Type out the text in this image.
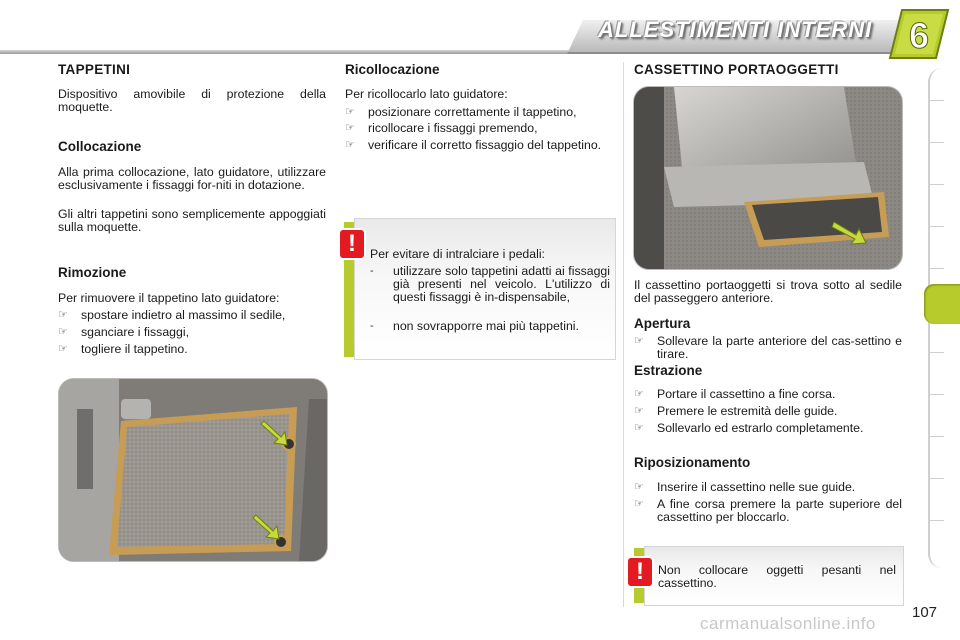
ALLESTIMENTI INTERNI 6
TAPPETINI
Dispositivo amovibile di protezione della moquette.
Collocazione
Alla prima collocazione, lato guidatore, utilizzare esclusivamente i fissaggi for-niti in dotazione.
Gli altri tappetini sono semplicemente appoggiati sulla moquette.
Rimozione
Per rimuovere il tappetino lato guidatore:
☞ spostare indietro al massimo il sedile,
☞ sganciare i fissaggi,
☞ togliere il tappetino.
Ricollocazione
Per ricollocarlo lato guidatore:
☞ posizionare correttamente il tappetino,
☞ ricollocare i fissaggi premendo,
☞ verificare il corretto fissaggio del tappetino.
!	Per evitare di intralciare i pedali:
- utilizzare solo tappetini adatti ai fissaggi già presenti nel veicolo. L'utilizzo di questi fissaggi è in-dispensabile,
- non sovrapporre mai più tappetini.
CASSETTINO PORTAOGGETTI
Il cassettino portaoggetti si trova sotto al sedile del passeggero anteriore.
Apertura
☞ Sollevare la parte anteriore del cas-settino e tirare.
Estrazione
☞ Portare il cassettino a fine corsa.
☞ Premere le estremità delle guide.
☞ Sollevarlo ed estrarlo completamente.
Riposizionamento
☞ Inserire il cassettino nelle sue guide.
☞ A fine corsa premere la parte superiore del cassettino per bloccarlo.
!	Non collocare oggetti pesanti nel cassettino.
carmanualsonline.info
107
